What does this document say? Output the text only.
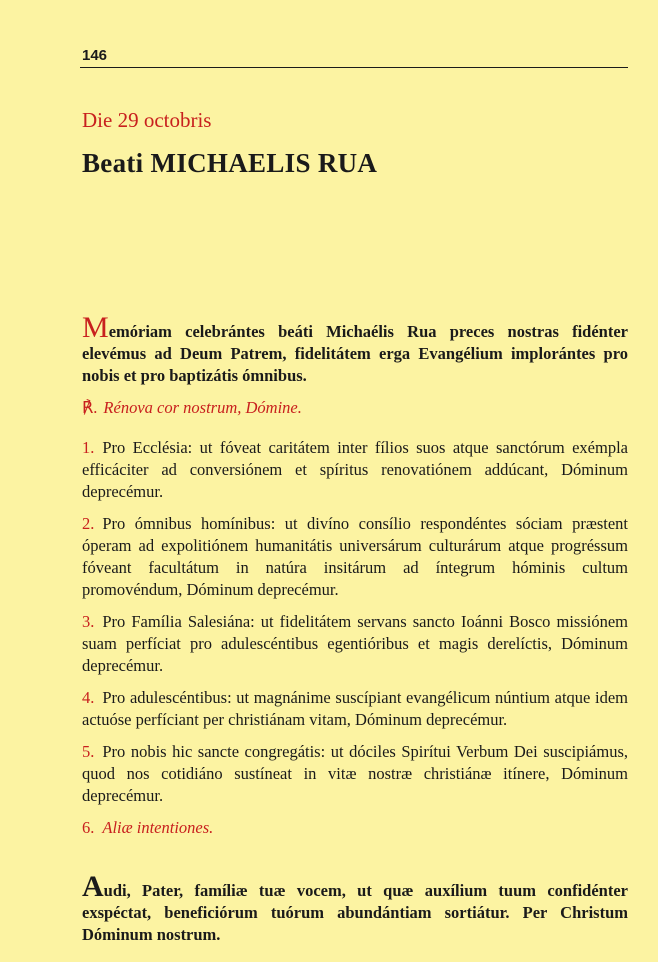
146
Die 29 octobris
Beati MICHAELIS RUA

Memóriam celebrántes beáti Michaélis Rua preces nostras fidénter elevémus ad Deum Patrem, fidelitátem erga Evangélium implorántes pro nobis et pro baptizátis ómnibus.

℟. Rénova cor nostrum, Dómine.

1. Pro Ecclésia: ut fóveat caritátem inter fílios suos atque sanctórum exémpla efficáciter ad conversiónem et spíritus renovatiónem addúcant, Dóminum deprecémur.

2. Pro ómnibus homínibus: ut divíno consílio respondéntes sóciam præstent óperam ad expolitiónem humanitátis universárum culturárum atque progréssum fóveant facultátum in natúra insitárum ad íntegrum hóminis cultum promovéndum, Dóminum deprecémur.

3. Pro Família Salesiána: ut fidelitátem servans sancto Ioánni Bosco missiónem suam perfíciat pro adulescéntibus egentióribus et magis derelíctis, Dóminum deprecémur.

4. Pro adulescéntibus: ut magnánime suscípiant evangélicum núntium atque idem actuóse perfíciant per christiánam vitam, Dóminum deprecémur.

5. Pro nobis hic sancte congregátis: ut dóciles Spirítui Verbum Dei suscipiámus, quod nos cotidiáno sustíneat in vitæ nostræ christiánæ itínere, Dóminum deprecémur.

6. Aliæ intentiones.

Audi, Pater, famíliæ tuæ vocem, ut quæ auxílium tuum confidénter exspéctat, beneficiórum tuórum abundántiam sortiátur. Per Christum Dóminum nostrum.
